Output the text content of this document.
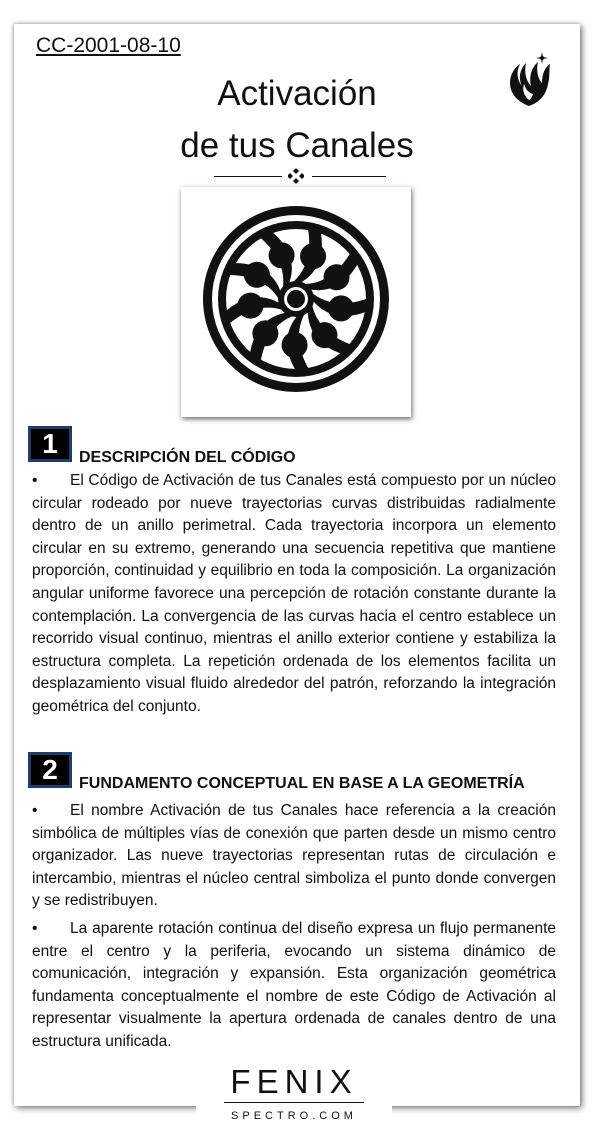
CC-2001-08-10
Activación
de tus Canales
1	DESCRIPCIÓN DEL CÓDIGO
• El Código de Activación de tus Canales está compuesto por un núcleo circular rodeado por nueve trayectorias curvas distribuidas radialmente dentro de un anillo perimetral. Cada trayectoria incorpora un elemento circular en su extremo, generando una secuencia repetitiva que mantiene proporción, continuidad y equilibrio en toda la composición. La organización angular uniforme favorece una percepción de rotación constante durante la contemplación. La convergencia de las curvas hacia el centro establece un recorrido visual continuo, mientras el anillo exterior contiene y estabiliza la estructura completa. La repetición ordenada de los elementos facilita un desplazamiento visual fluido alrededor del patrón, reforzando la integración geométrica del conjunto.
2	FUNDAMENTO CONCEPTUAL EN BASE A LA GEOMETRÍA
• El nombre Activación de tus Canales hace referencia a la creación simbólica de múltiples vías de conexión que parten desde un mismo centro organizador. Las nueve trayectorias representan rutas de circulación e intercambio, mientras el núcleo central simboliza el punto donde convergen y se redistribuyen.
• La aparente rotación continua del diseño expresa un flujo permanente entre el centro y la periferia, evocando un sistema dinámico de comunicación, integración y expansión. Esta organización geométrica fundamenta conceptualmente el nombre de este Código de Activación al representar visualmente la apertura ordenada de canales dentro de una estructura unificada.
FENIX
SPECTRO.COM
